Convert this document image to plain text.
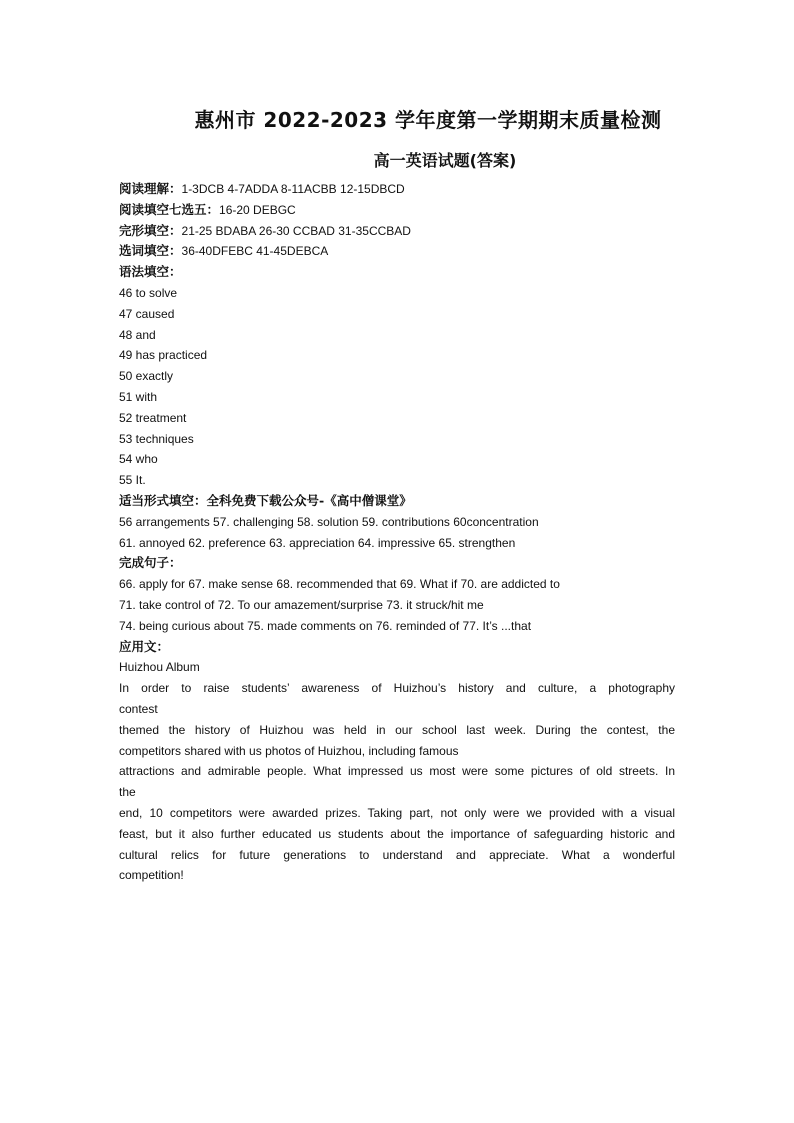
惠州市 2022-2023 学年度第一学期期末质量检测
高一英语试题(答案)

阅读理解：1-3DCB 4-7ADDA 8-11ACBB 12-15DBCD

阅读填空七选五：16-20 DEBGC

完形填空：21-25 BDABA 26-30 CCBAD 31-35CCBAD

选词填空：36-40DFEBC 41-45DEBCA

语法填空：

46 to solve

47 caused

48 and

49 has practiced

50 exactly

51 with

52 treatment

53 techniques

54 who

55 It.

适当形式填空：全科免费下载公众号-《高中僧课堂》

56 arrangements 57. challenging 58. solution 59. contributions 60concentration

61. annoyed 62. preference 63. appreciation 64. impressive 65. strengthen

完成句子：

66. apply for 67. make sense 68. recommended that 69. What if 70. are addicted to

71. take control of 72. To our amazement/surprise 73. it struck/hit me

74. being curious about 75. made comments on 76. reminded of 77. It’s ...that

应用文：

Huizhou Album

In order to raise students’ awareness of Huizhou’s history and culture, a photography

contest

themed the history of Huizhou was held in our school last week. During the contest, the

competitors shared with us photos of Huizhou, including famous

attractions and admirable people. What impressed us most were some pictures of old streets. In

the

end, 10 competitors were awarded prizes. Taking part, not only were we provided with a visual

feast, but it also further educated us students about the importance of safeguarding historic and

cultural relics for future generations to understand and appreciate. What a wonderful

competition!
